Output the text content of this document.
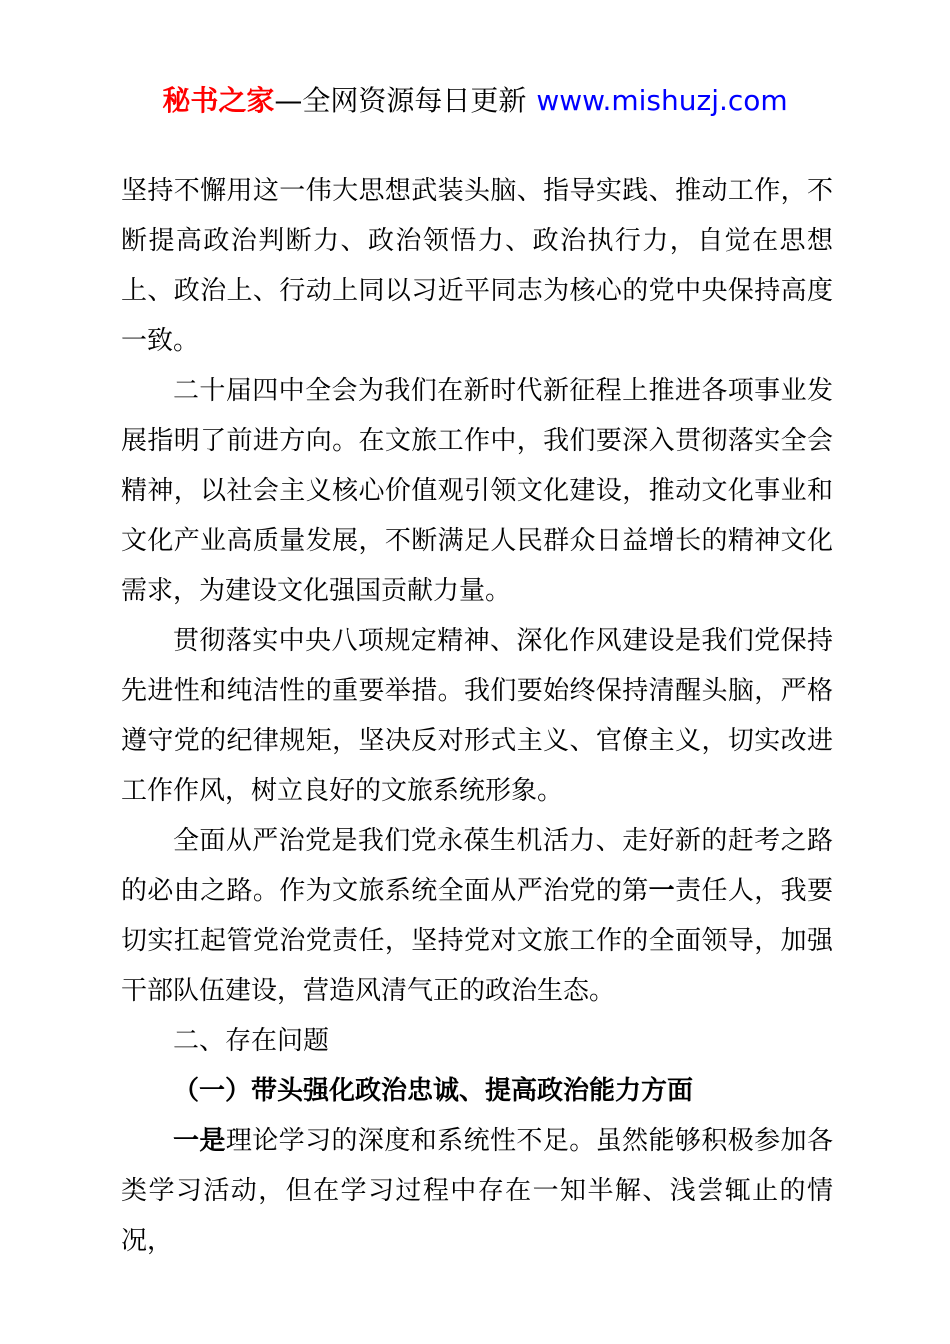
秘书之家—全网资源每日更新 www.mishuzj.com

坚持不懈用这一伟大思想武装头脑、指导实践、推动工作，不断提高政治判断力、政治领悟力、政治执行力，自觉在思想上、政治上、行动上同以习近平同志为核心的党中央保持高度一致。

二十届四中全会为我们在新时代新征程上推进各项事业发展指明了前进方向。在文旅工作中，我们要深入贯彻落实全会精神，以社会主义核心价值观引领文化建设，推动文化事业和文化产业高质量发展，不断满足人民群众日益增长的精神文化需求，为建设文化强国贡献力量。

贯彻落实中央八项规定精神、深化作风建设是我们党保持先进性和纯洁性的重要举措。我们要始终保持清醒头脑，严格遵守党的纪律规矩，坚决反对形式主义、官僚主义，切实改进工作作风，树立良好的文旅系统形象。

全面从严治党是我们党永葆生机活力、走好新的赶考之路的必由之路。作为文旅系统全面从严治党的第一责任人，我要切实扛起管党治党责任，坚持党对文旅工作的全面领导，加强干部队伍建设，营造风清气正的政治生态。

二、存在问题

（一）带头强化政治忠诚、提高政治能力方面

一是理论学习的深度和系统性不足。虽然能够积极参加各类学习活动，但在学习过程中存在一知半解、浅尝辄止的情况，
